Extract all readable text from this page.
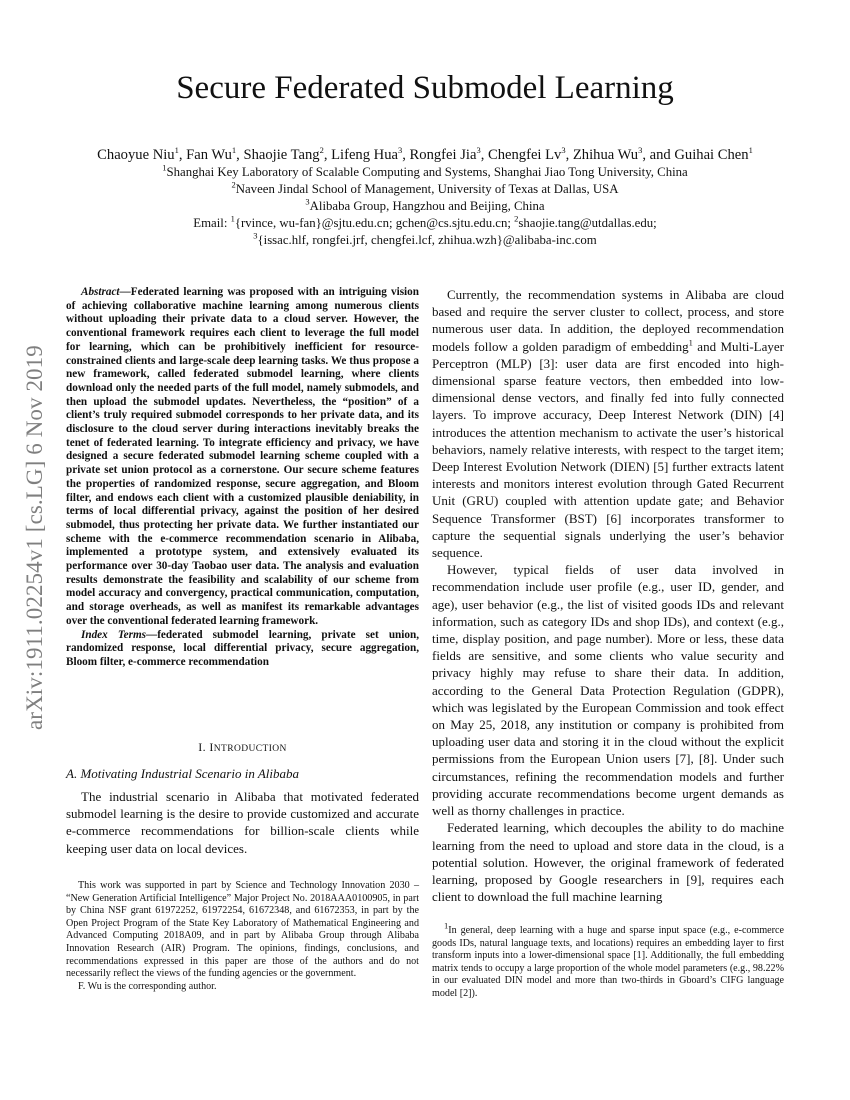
Secure Federated Submodel Learning
Chaoyue Niu$^1$, Fan Wu$^1$, Shaojie Tang$^2$, Lifeng Hua$^3$, Rongfei Jia$^3$, Chengfei Lv$^3$, Zhihua Wu$^3$, and Guihai Chen$^1$
$^1$Shanghai Key Laboratory of Scalable Computing and Systems, Shanghai Jiao Tong University, China
$^2$Naveen Jindal School of Management, University of Texas at Dallas, USA
$^3$Alibaba Group, Hangzhou and Beijing, China
Email: $^1${rvince, wu-fan}@sjtu.edu.cn; gchen@cs.sjtu.edu.cn; $^2$shaojie.tang@utdallas.edu;
$^3${issac.hlf, rongfei.jrf, chengfei.lcf, zhihua.wzh}@alibaba-inc.com
arXiv:1911.02254v1 [cs.LG] 6 Nov 2019

Abstract—Federated learning was proposed with an intriguing vision of achieving collaborative machine learning among numerous clients without uploading their private data to a cloud server. However, the conventional framework requires each client to leverage the full model for learning, which can be prohibitively inefficient for resource-constrained clients and large-scale deep learning tasks. We thus propose a new framework, called federated submodel learning, where clients download only the needed parts of the full model, namely submodels, and then upload the submodel updates. Nevertheless, the “position” of a client’s truly required submodel corresponds to her private data, and its disclosure to the cloud server during interactions inevitably breaks the tenet of federated learning. To integrate efficiency and privacy, we have designed a secure federated submodel learning scheme coupled with a private set union protocol as a cornerstone. Our secure scheme features the properties of randomized response, secure aggregation, and Bloom filter, and endows each client with a customized plausible deniability, in terms of local differential privacy, against the position of her desired submodel, thus protecting her private data. We further instantiated our scheme with the e-commerce recommendation scenario in Alibaba, implemented a prototype system, and extensively evaluated its performance over 30-day Taobao user data. The analysis and evaluation results demonstrate the feasibility and scalability of our scheme from model accuracy and convergency, practical communication, computation, and storage overheads, as well as manifest its remarkable advantages over the conventional federated learning framework.

Index Terms—federated submodel learning, private set union, randomized response, local differential privacy, secure aggregation, Bloom filter, e-commerce recommendation

I. INTRODUCTION
A. Motivating Industrial Scenario in Alibaba

The industrial scenario in Alibaba that motivated federated submodel learning is the desire to provide customized and accurate e-commerce recommendations for billion-scale clients while keeping user data on local devices.

This work was supported in part by Science and Technology Innovation 2030 – “New Generation Artificial Intelligence” Major Project No. 2018AAA0100905, in part by China NSF grant 61972252, 61972254, 61672348, and 61672353, in part by the Open Project Program of the State Key Laboratory of Mathematical Engineering and Advanced Computing 2018A09, and in part by Alibaba Group through Alibaba Innovation Research (AIR) Program. The opinions, findings, conclusions, and recommendations expressed in this paper are those of the authors and do not necessarily reflect the views of the funding agencies or the government.

F. Wu is the corresponding author.

Currently, the recommendation systems in Alibaba are cloud based and require the server cluster to collect, process, and store numerous user data. In addition, the deployed recommendation models follow a golden paradigm of embedding$^1$ and Multi-Layer Perceptron (MLP) [3]: user data are first encoded into high-dimensional sparse feature vectors, then embedded into low-dimensional dense vectors, and finally fed into fully connected layers. To improve accuracy, Deep Interest Network (DIN) [4] introduces the attention mechanism to activate the user’s historical behaviors, namely relative interests, with respect to the target item; Deep Interest Evolution Network (DIEN) [5] further extracts latent interests and monitors interest evolution through Gated Recurrent Unit (GRU) coupled with attention update gate; and Behavior Sequence Transformer (BST) [6] incorporates transformer to capture the sequential signals underlying the user’s behavior sequence.

However, typical fields of user data involved in recommendation include user profile (e.g., user ID, gender, and age), user behavior (e.g., the list of visited goods IDs and relevant information, such as category IDs and shop IDs), and context (e.g., time, display position, and page number). More or less, these data fields are sensitive, and some clients who value security and privacy highly may refuse to share their data. In addition, according to the General Data Protection Regulation (GDPR), which was legislated by the European Commission and took effect on May 25, 2018, any institution or company is prohibited from uploading user data and storing it in the cloud without the explicit permissions from the European Union users [7], [8]. Under such circumstances, refining the recommendation models and further providing accurate recommendations become urgent demands as well as thorny challenges in practice.

Federated learning, which decouples the ability to do machine learning from the need to upload and store data in the cloud, is a potential solution. However, the original framework of federated learning, proposed by Google researchers in [9], requires each client to download the full machine learning

$^1$In general, deep learning with a huge and sparse input space (e.g., e-commerce goods IDs, natural language texts, and locations) requires an embedding layer to first transform inputs into a lower-dimensional space [1]. Additionally, the full embedding matrix tends to occupy a large proportion of the whole model parameters (e.g., 98.22% in our evaluated DIN model and more than two-thirds in Gboard’s CIFG language model [2]).
